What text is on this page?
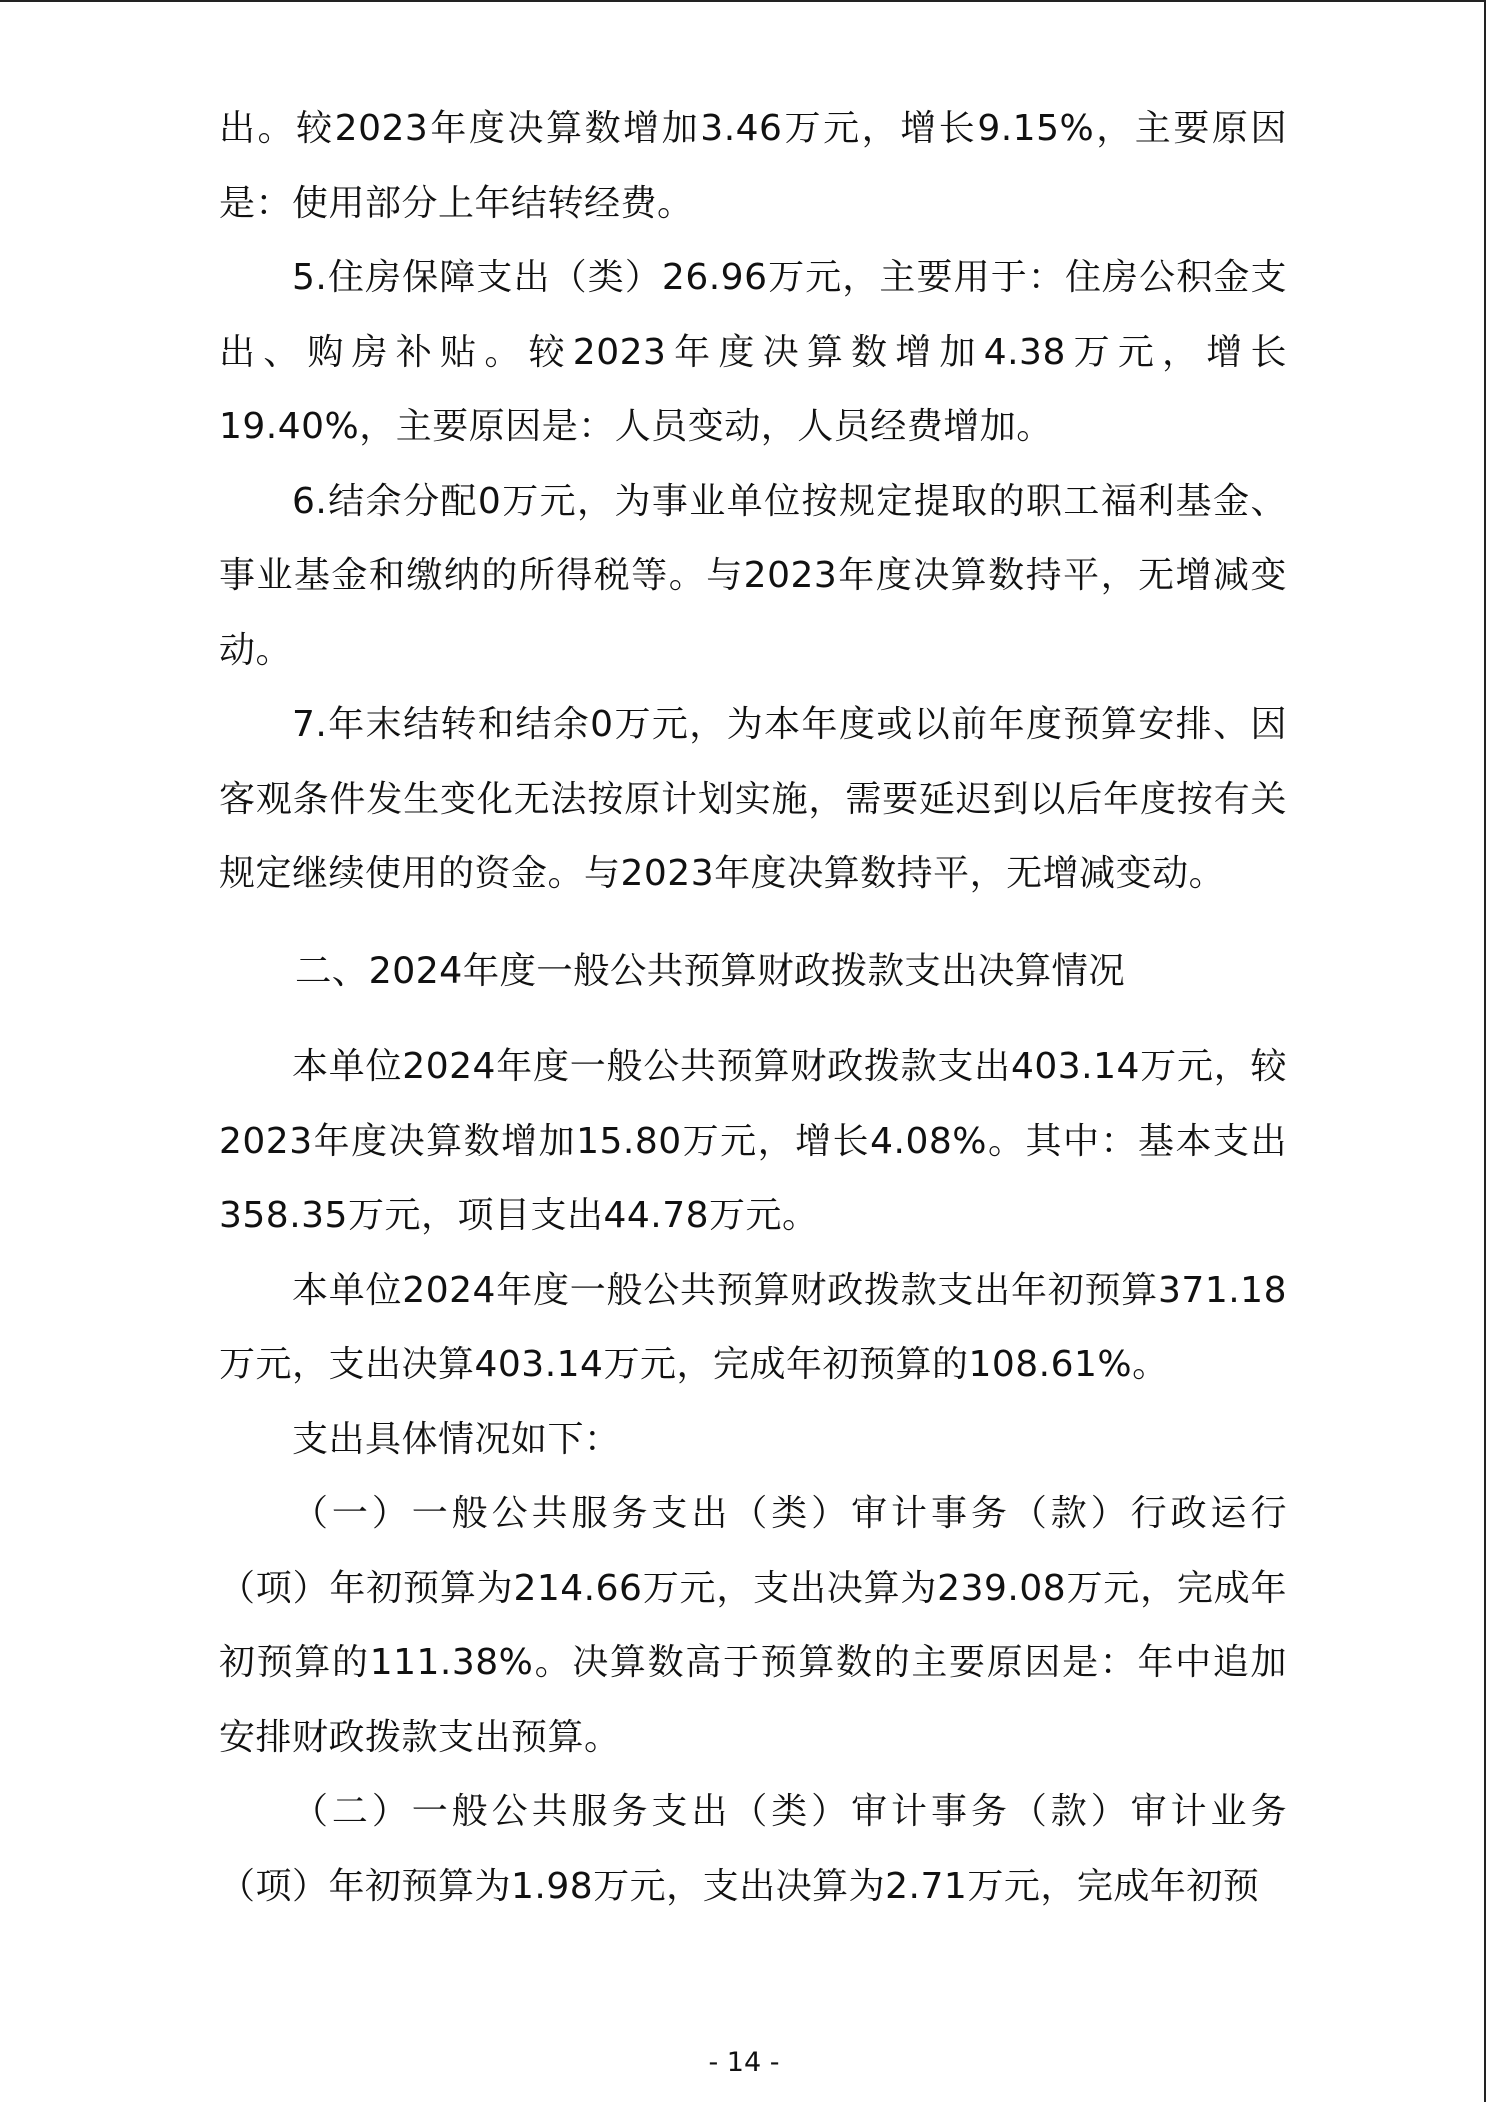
出。较2023年度决算数增加3.46万元，增长9.15%，主要原因是：使用部分上年结转经费。

5.住房保障支出（类）26.96万元，主要用于：住房公积金支出、购房补贴。较2023年度决算数增加4.38万元，增长19.40%，主要原因是：人员变动，人员经费增加。

6.结余分配0万元，为事业单位按规定提取的职工福利基金、事业基金和缴纳的所得税等。与2023年度决算数持平，无增减变动。

7.年末结转和结余0万元，为本年度或以前年度预算安排、因客观条件发生变化无法按原计划实施，需要延迟到以后年度按有关规定继续使用的资金。与2023年度决算数持平，无增减变动。

二、2024年度一般公共预算财政拨款支出决算情况

本单位2024年度一般公共预算财政拨款支出403.14万元，较2023年度决算数增加15.80万元，增长4.08%。其中：基本支出358.35万元，项目支出44.78万元。

本单位2024年度一般公共预算财政拨款支出年初预算371.18万元，支出决算403.14万元，完成年初预算的108.61%。

支出具体情况如下：

（一）一般公共服务支出（类）审计事务（款）行政运行（项）年初预算为214.66万元，支出决算为239.08万元，完成年初预算的111.38%。决算数高于预算数的主要原因是：年中追加安排财政拨款支出预算。

（二）一般公共服务支出（类）审计事务（款）审计业务（项）年初预算为1.98万元，支出决算为2.71万元，完成年初预

- 14 -
